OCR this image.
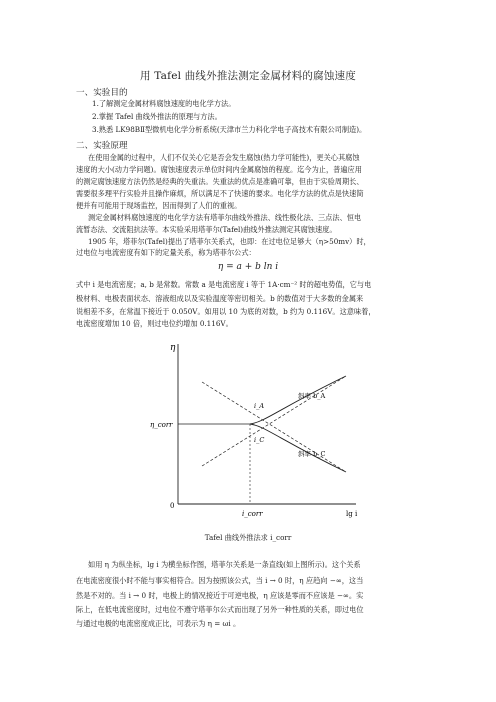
用 Tafel 曲线外推法测定金属材料的腐蚀速度
一、实验目的
1.了解测定金属材料腐蚀速度的电化学方法。
2.掌握 Tafel 曲线外推法的原理与方法。
3.熟悉 LK98BⅡ型微机电化学分析系统(天津市兰力科化学电子高技术有限公司制造)。
二、实验原理
在使用金属的过程中，人们不仅关心它是否会发生腐蚀(热力学可能性)，更关心其腐蚀
速度的大小(动力学问题)。腐蚀速度表示单位时间内金属腐蚀的程度。迄今为止，普遍应用
的测定腐蚀速度方法仍然是经典的失重法。失重法的优点是准确可靠，但由于实验周期长、
需要很多理平行实验并且操作麻烦，所以满足不了快速的要求。电化学方法的优点是快速简
便并有可能用于现场监控，因而得到了人们的重视。
测定金属材料腐蚀速度的电化学方法有塔菲尔曲线外推法、线性极化法、三点法、恒电
流暂态法、交流阻抗法等。本实验采用塔菲尔(Tafel)曲线外推法测定其腐蚀速度。
1905 年，塔菲尔(Tafel)提出了塔菲尔关系式，也即：在过电位足够大（η>50mv）时，
过电位与电流密度有如下的定量关系，称为塔菲尔公式：
η = a + b ln i
式中 i 是电流密度；a, b 是常数。常数 a 是电流密度 i 等于 1A·cm⁻² 时的超电势值，它与电
极材料、电极表面状态、溶液组成以及实验温度等密切相关。b 的数值对于大多数的金属来
说相差不多，在常温下接近于 0.050V。如用以 10 为底的对数，b 约为 0.116V。这意味着，
电流密度增加 10 倍，则过电位约增加 0.116V。
η
0
lg i
η_corr
i_corr
i_A
i_C
斜率 b_A
斜率 b_C
Tafel 曲线外推法求 i_corr
如用 η 为纵坐标，lg i 为横坐标作图，塔菲尔关系是一条直线(如上图所示)。这个关系
在电流密度很小时不能与事实相符合。因为按照该公式，当 i → 0 时，η 应趋向 −∞，这当
然是不对的。当 i → 0 时，电极上的情况接近于可逆电极，η 应该是零而不应该是 −∞。实
际上，在低电流密度时，过电位不遵守塔菲尔公式而出现了另外一种性质的关系，即过电位
与通过电极的电流密度成正比，可表示为 η = ωi 。
